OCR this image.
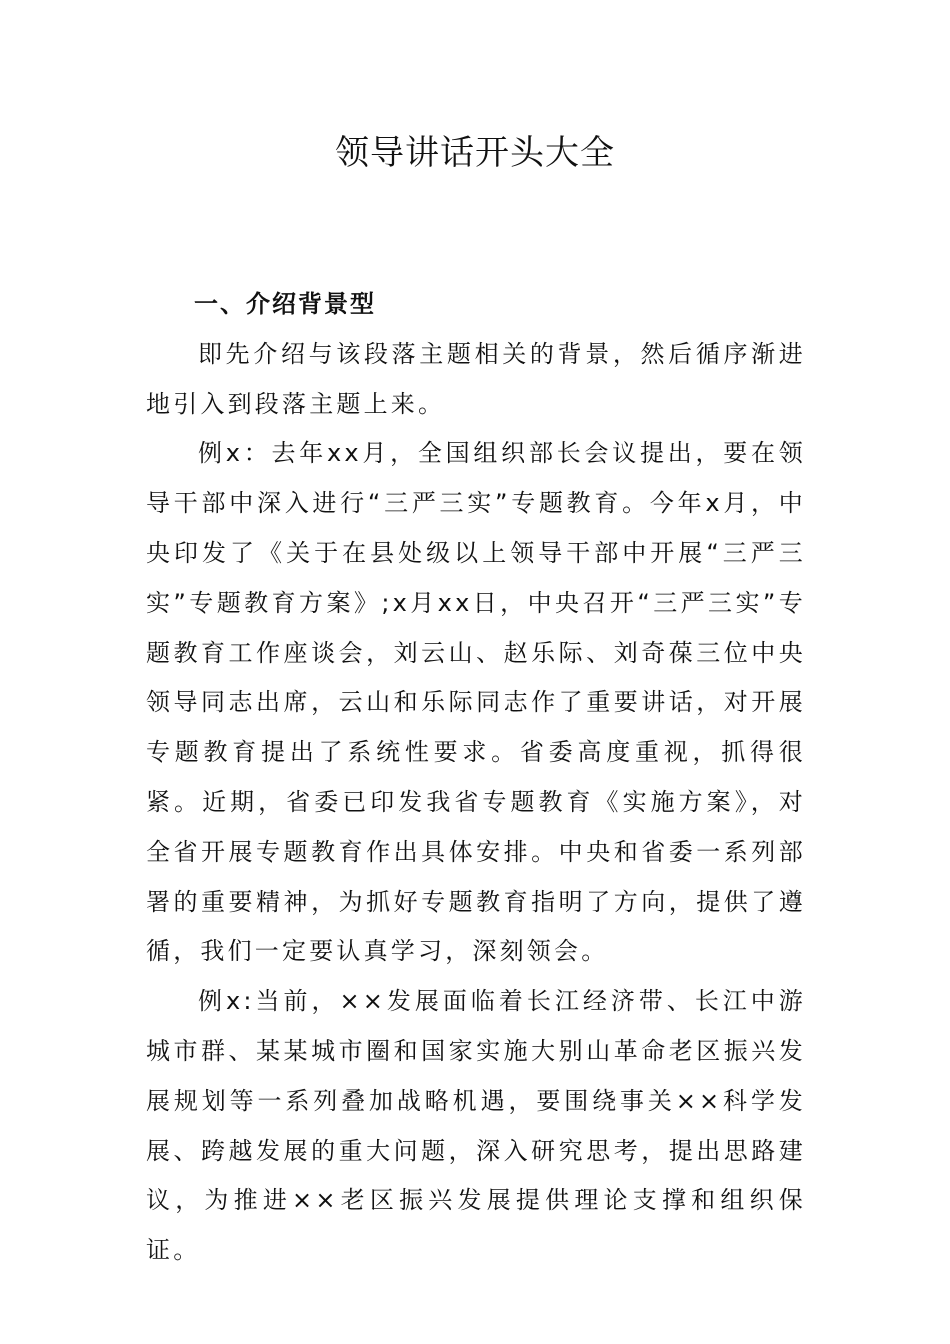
领导讲话开头大全
一、介绍背景型

即先介绍与该段落主题相关的背景，然后循序渐进地引入到段落主题上来。

例x：去年xx月，全国组织部长会议提出，要在领导干部中深入进行“三严三实”专题教育。今年x月，中央印发了《关于在县处级以上领导干部中开展“三严三实”专题教育方案》;x月xx日，中央召开“三严三实”专题教育工作座谈会，刘云山、赵乐际、刘奇葆三位中央领导同志出席，云山和乐际同志作了重要讲话，对开展专题教育提出了系统性要求。省委高度重视，抓得很紧。近期，省委已印发我省专题教育《实施方案》，对全省开展专题教育作出具体安排。中央和省委一系列部署的重要精神，为抓好专题教育指明了方向，提供了遵循，我们一定要认真学习，深刻领会。

例x:当前，××发展面临着长江经济带、长江中游城市群、某某城市圈和国家实施大别山革命老区振兴发展规划等一系列叠加战略机遇，要围绕事关××科学发展、跨越发展的重大问题，深入研究思考，提出思路建议，为推进××老区振兴发展提供理论支撑和组织保证。
